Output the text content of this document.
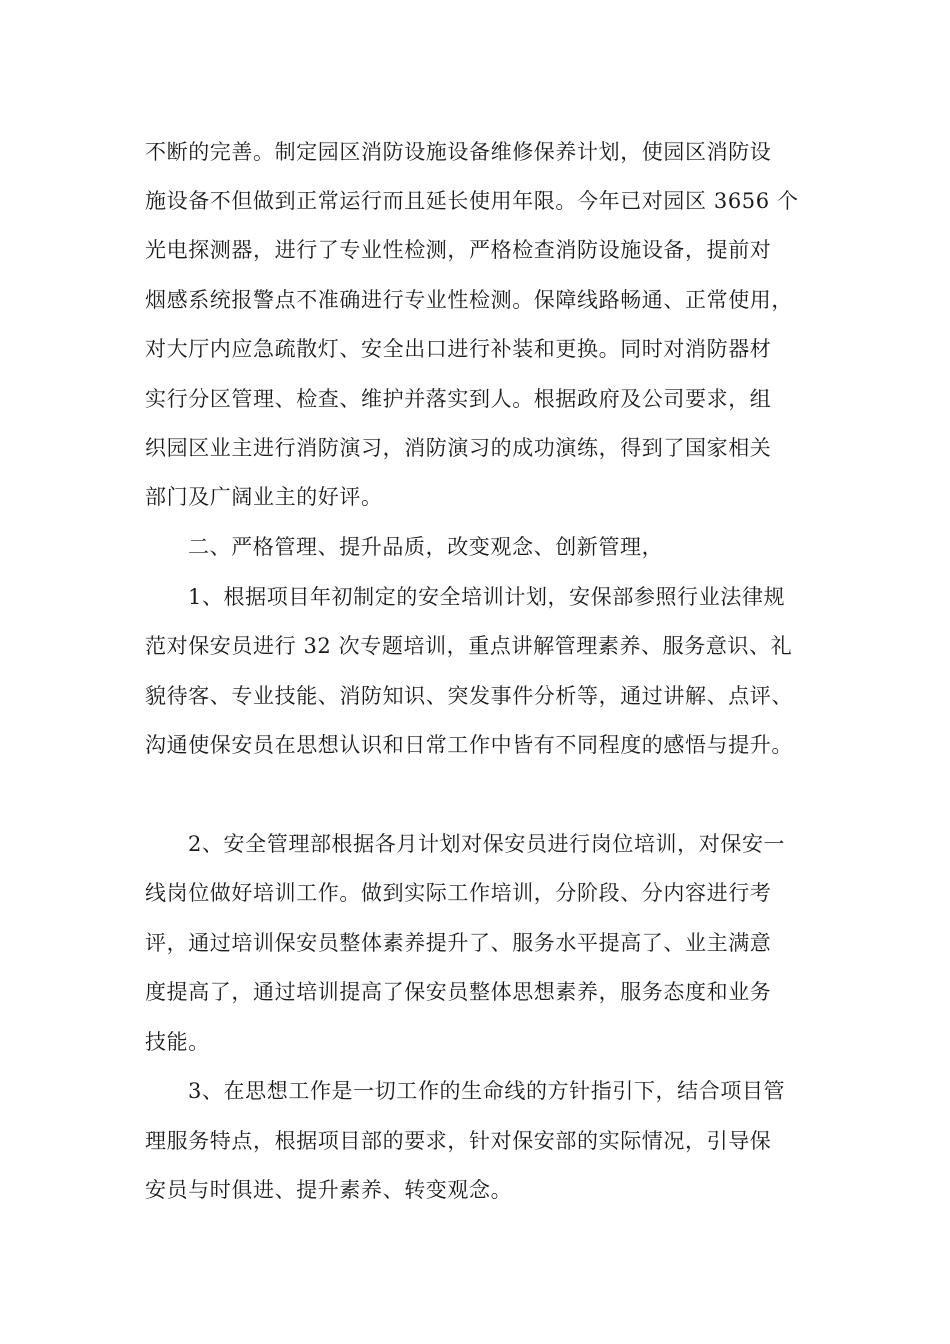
不断的完善。制定园区消防设施设备维修保养计划，使园区消防设
施设备不但做到正常运行而且延长使用年限。今年已对园区 3656 个
光电探测器，进行了专业性检测，严格检查消防设施设备，提前对
烟感系统报警点不准确进行专业性检测。保障线路畅通、正常使用，
对大厅内应急疏散灯、安全出口进行补装和更换。同时对消防器材
实行分区管理、检查、维护并落实到人。根据政府及公司要求，组
织园区业主进行消防演习，消防演习的成功演练，得到了国家相关
部门及广阔业主的好评。
二、严格管理、提升品质，改变观念、创新管理，
1、根据项目年初制定的安全培训计划，安保部参照行业法律规
范对保安员进行 32 次专题培训，重点讲解管理素养、服务意识、礼
貌待客、专业技能、消防知识、突发事件分析等，通过讲解、点评、
沟通使保安员在思想认识和日常工作中皆有不同程度的感悟与提升。
2、安全管理部根据各月计划对保安员进行岗位培训，对保安一
线岗位做好培训工作。做到实际工作培训，分阶段、分内容进行考
评，通过培训保安员整体素养提升了、服务水平提高了、业主满意
度提高了，通过培训提高了保安员整体思想素养，服务态度和业务
技能。
3、在思想工作是一切工作的生命线的方针指引下，结合项目管
理服务特点，根据项目部的要求，针对保安部的实际情况，引导保
安员与时俱进、提升素养、转变观念。
